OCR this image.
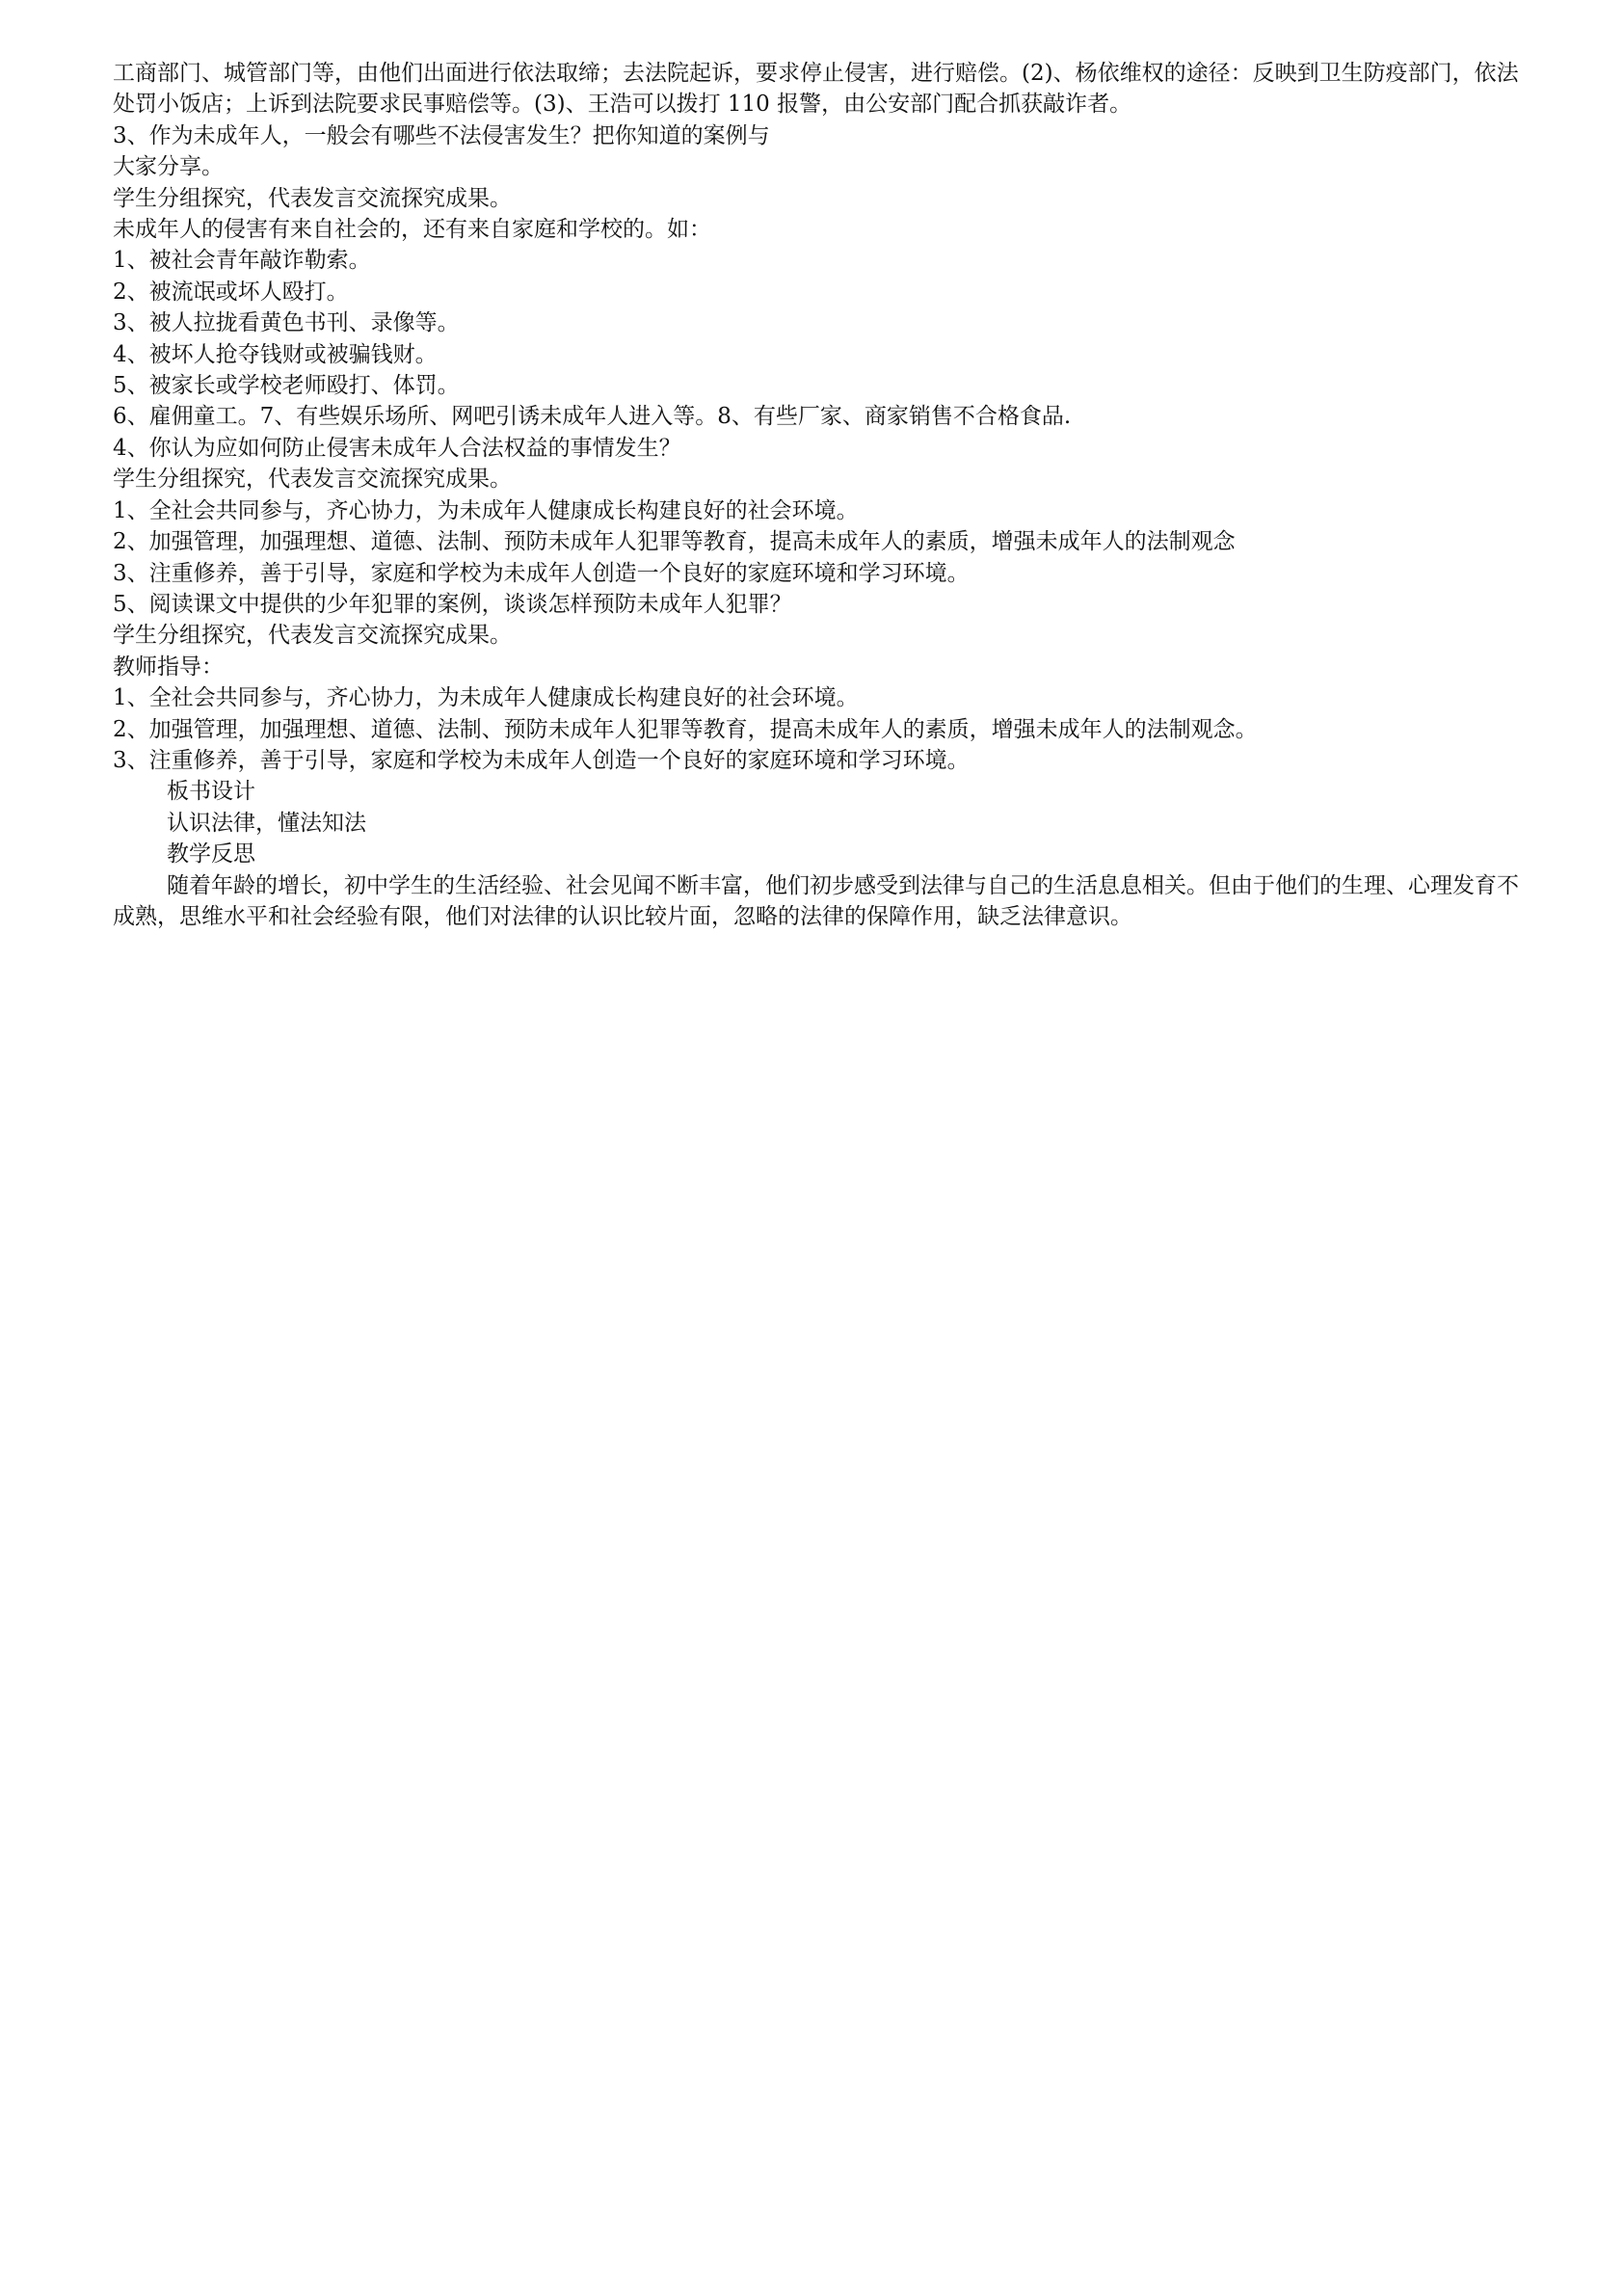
工商部门、城管部门等，由他们出面进行依法取缔；去法院起诉，要求停止侵害，进行赔偿。(2)、杨依维权的途径：反映到卫生防疫部门，依法处罚小饭店；上诉到法院要求民事赔偿等。(3)、王浩可以拨打 110 报警，由公安部门配合抓获敲诈者。

3、作为未成年人，一般会有哪些不法侵害发生？把你知道的案例与

大家分享。

学生分组探究，代表发言交流探究成果。

未成年人的侵害有来自社会的，还有来自家庭和学校的。如：

1、被社会青年敲诈勒索。

2、被流氓或坏人殴打。

3、被人拉拢看黄色书刊、录像等。

4、被坏人抢夺钱财或被骗钱财。

5、被家长或学校老师殴打、体罚。

6、雇佣童工。7、有些娱乐场所、网吧引诱未成年人进入等。8、有些厂家、商家销售不合格食品.

4、你认为应如何防止侵害未成年人合法权益的事情发生？

学生分组探究，代表发言交流探究成果。

1、全社会共同参与，齐心协力，为未成年人健康成长构建良好的社会环境。

2、加强管理，加强理想、道德、法制、预防未成年人犯罪等教育，提高未成年人的素质，增强未成年人的法制观念

3、注重修养，善于引导，家庭和学校为未成年人创造一个良好的家庭环境和学习环境。

5、阅读课文中提供的少年犯罪的案例，谈谈怎样预防未成年人犯罪？

学生分组探究，代表发言交流探究成果。

教师指导：

1、全社会共同参与，齐心协力，为未成年人健康成长构建良好的社会环境。

2、加强管理，加强理想、道德、法制、预防未成年人犯罪等教育，提高未成年人的素质，增强未成年人的法制观念。

3、注重修养，善于引导，家庭和学校为未成年人创造一个良好的家庭环境和学习环境。

板书设计

认识法律，懂法知法

教学反思

随着年龄的增长，初中学生的生活经验、社会见闻不断丰富，他们初步感受到法律与自己的生活息息相关。但由于他们的生理、心理发育不成熟，思维水平和社会经验有限，他们对法律的认识比较片面，忽略的法律的保障作用，缺乏法律意识。
